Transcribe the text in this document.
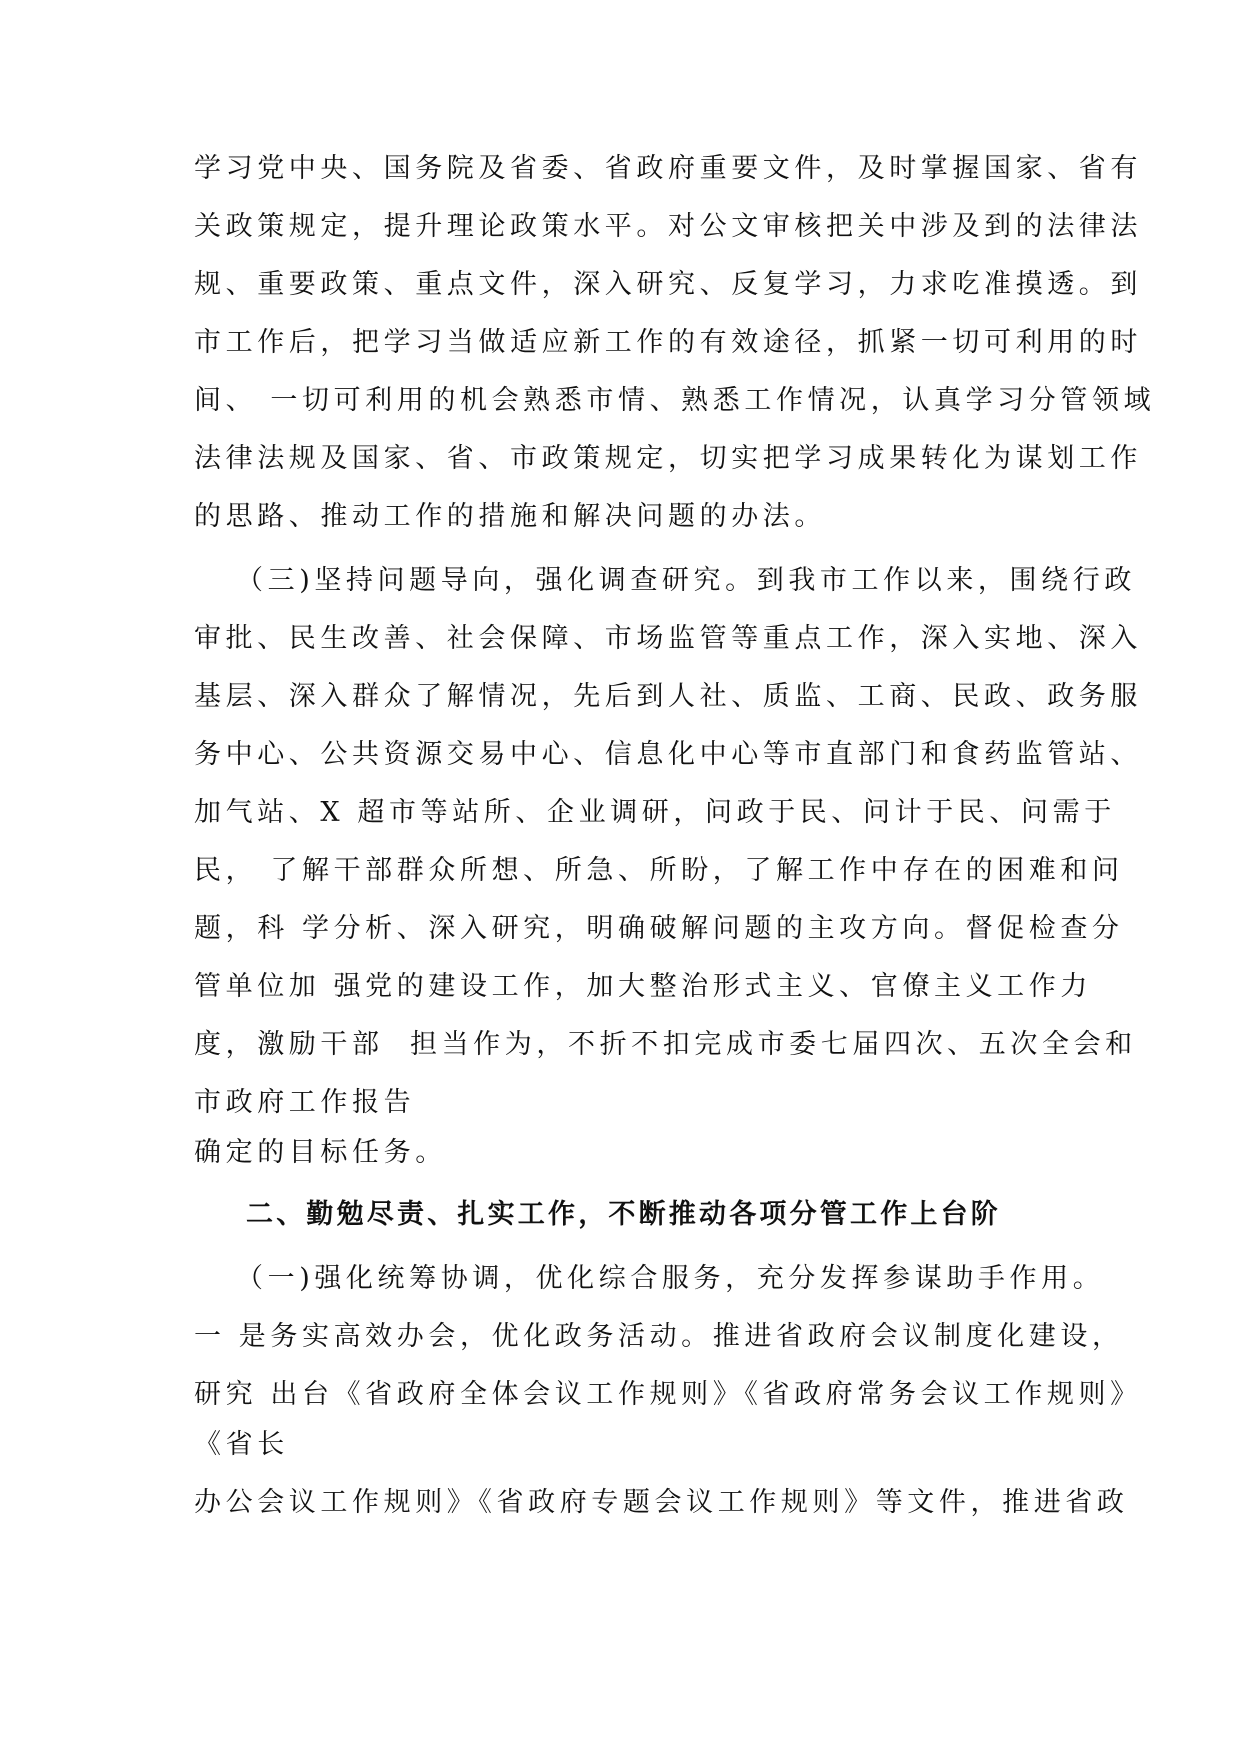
学习党中央、国务院及省委、省政府重要文件，及时掌握国家、省有
关政策规定，提升理论政策水平。对公文审核把关中涉及到的法律法
规、重要政策、重点文件，深入研究、反复学习，力求吃准摸透。到
市工作后，把学习当做适应新工作的有效途径，抓紧一切可利用的时
间、 一切可利用的机会熟悉市情、熟悉工作情况，认真学习分管领域
法律法规及国家、省、市政策规定，切实把学习成果转化为谋划工作
的思路、推动工作的措施和解决问题的办法。
（三)坚持问题导向，强化调查研究。到我市工作以来，围绕行政
审批、民生改善、社会保障、市场监管等重点工作，深入实地、深入
基层、深入群众了解情况，先后到人社、质监、工商、民政、政务服
务中心、公共资源交易中心、信息化中心等市直部门和食药监管站、
加气站、X 超市等站所、企业调研，问政于民、问计于民、问需于
民， 了解干部群众所想、所急、所盼，了解工作中存在的困难和问
题，科 学分析、深入研究，明确破解问题的主攻方向。督促检查分
管单位加 强党的建设工作，加大整治形式主义、官僚主义工作力
度，激励干部  担当作为，不折不扣完成市委七届四次、五次全会和
市政府工作报告
确定的目标任务。
二、勤勉尽责、扎实工作，不断推动各项分管工作上台阶
（一)强化统筹协调，优化综合服务，充分发挥参谋助手作用。
一 是务实高效办会，优化政务活动。推进省政府会议制度化建设，
研究 出台《省政府全体会议工作规则》《省政府常务会议工作规则》
《省长
办公会议工作规则》《省政府专题会议工作规则》等文件，推进省政
